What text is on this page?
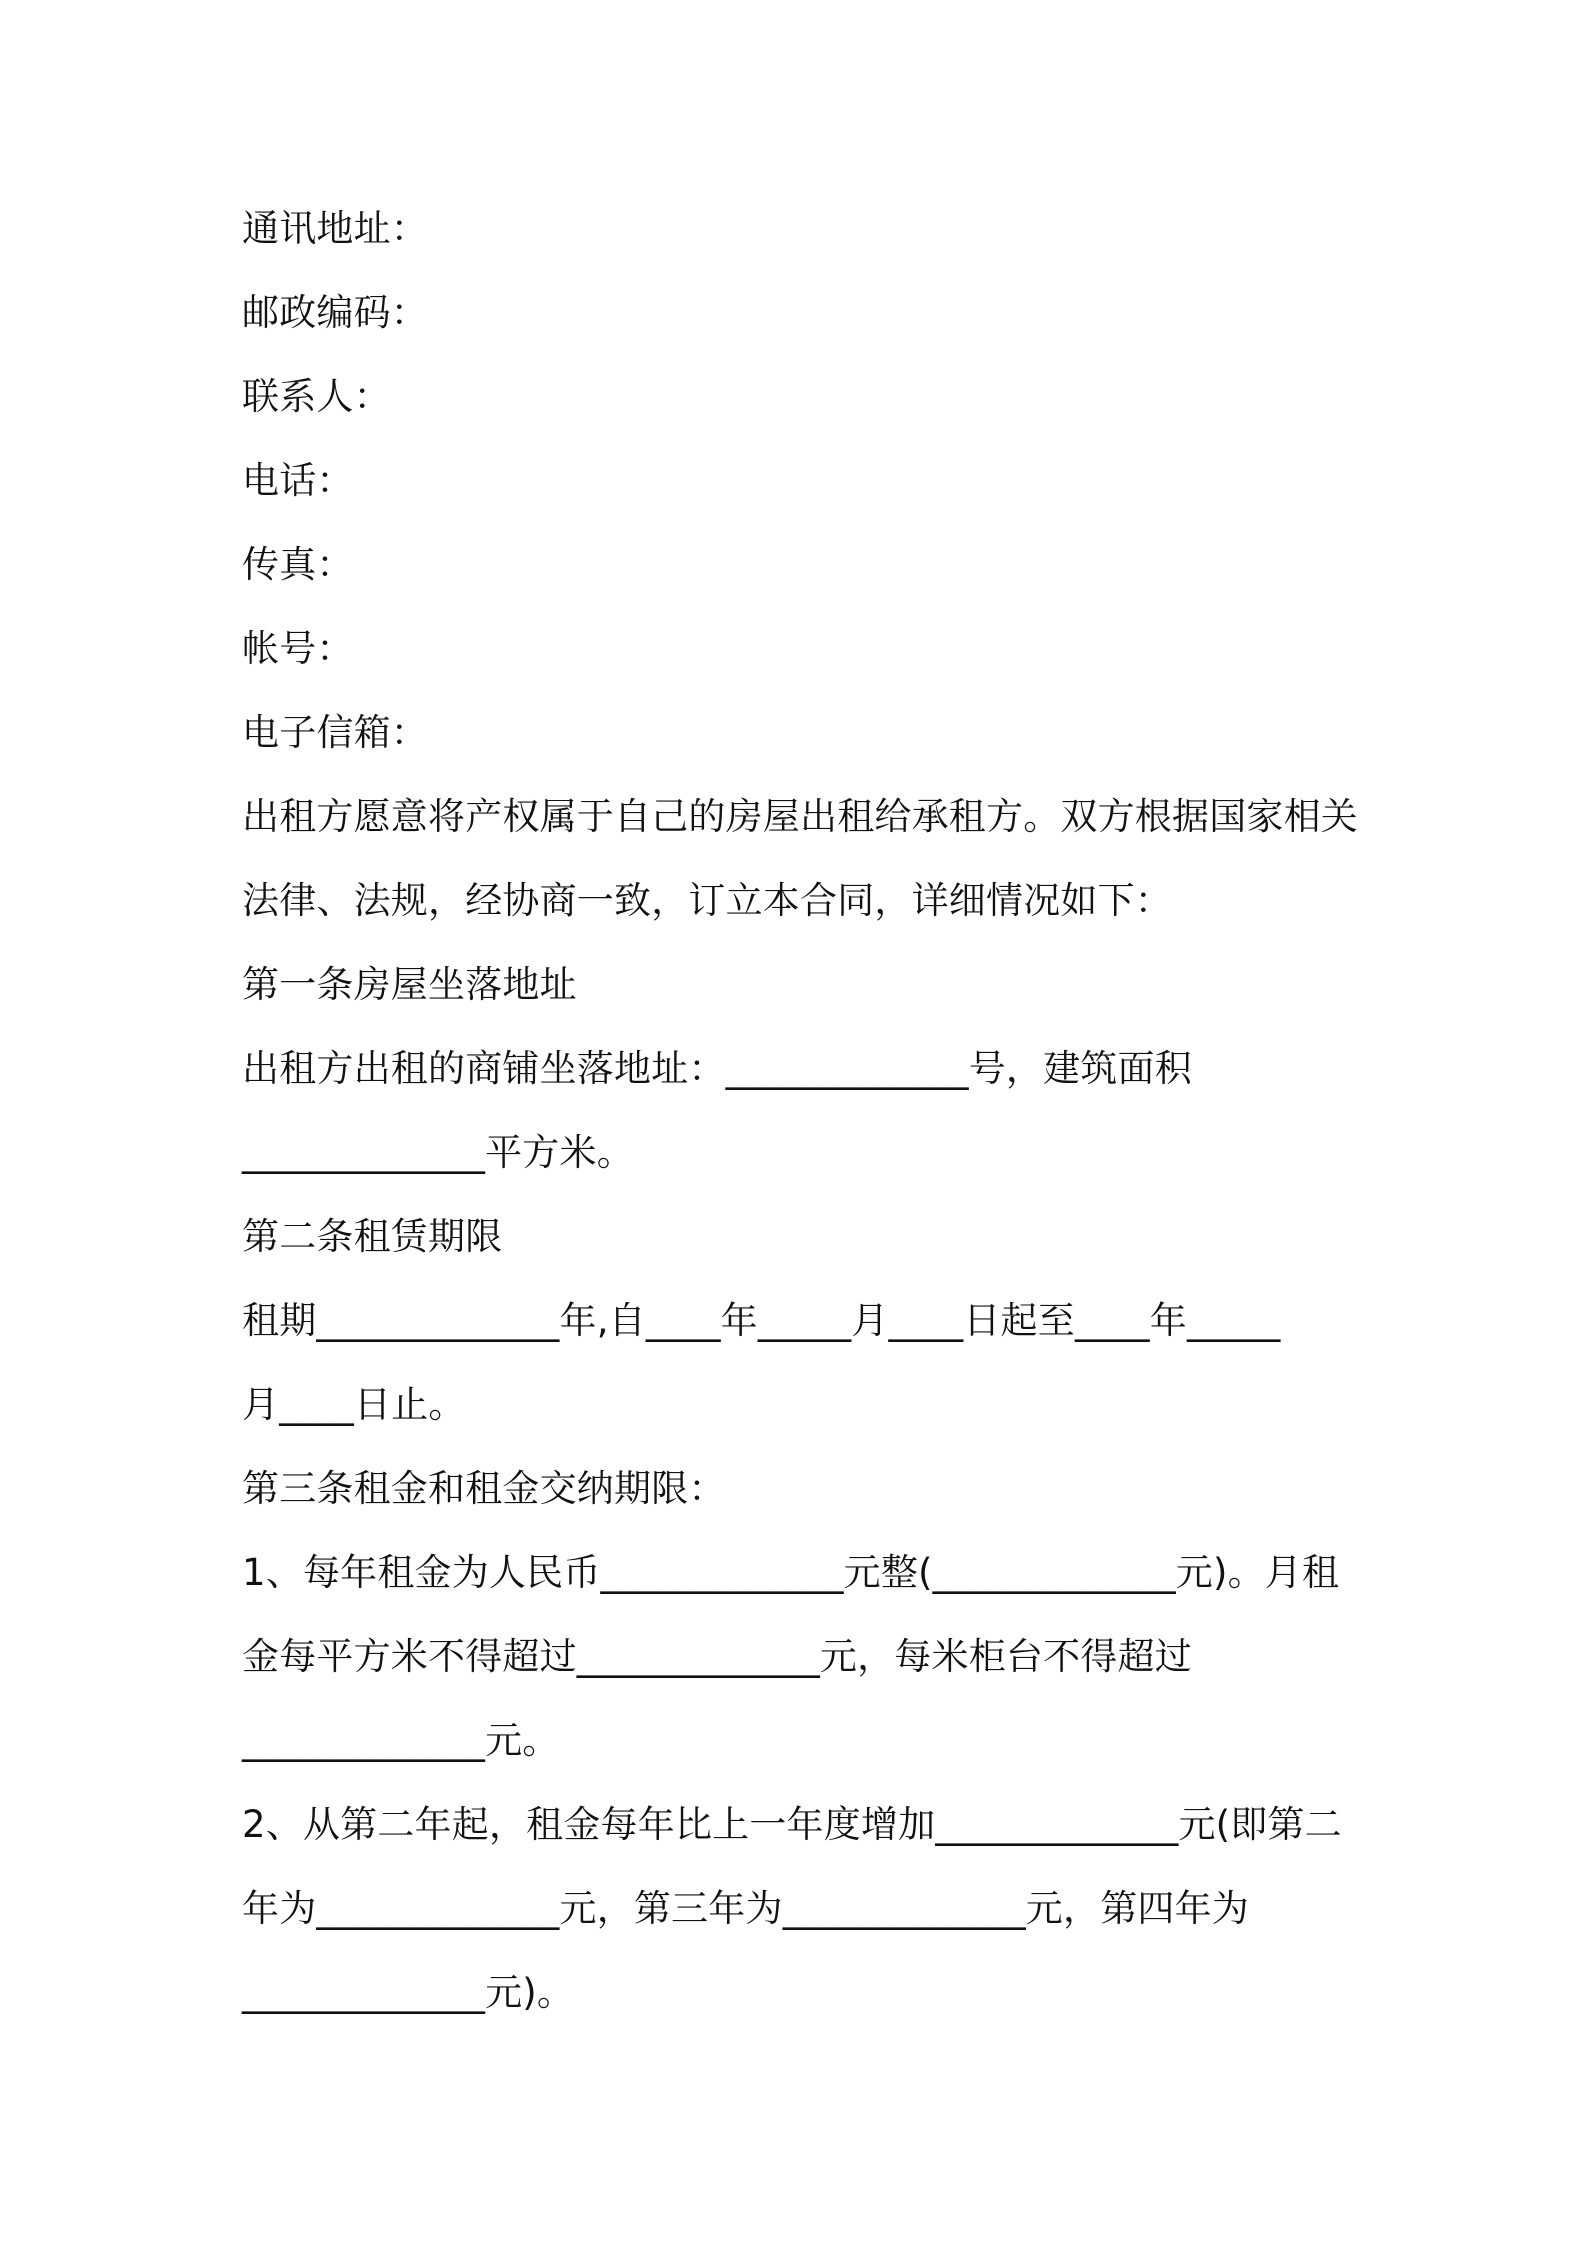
通讯地址：
邮政编码：
联系人：
电话：
传真：
帐号：
电子信箱：
出租方愿意将产权属于自己的房屋出租给承租方。双方根据国家相关
法律、法规，经协商一致，订立本合同，详细情况如下：
第一条房屋坐落地址
出租方出租的商铺坐落地址：_____________号，建筑面积
_____________平方米。
第二条租赁期限
租期_____________年,自____年_____月____日起至____年_____
月____日止。
第三条租金和租金交纳期限：
1、每年租金为人民币_____________元整(_____________元)。月租
金每平方米不得超过_____________元，每米柜台不得超过
_____________元。
2、从第二年起，租金每年比上一年度增加_____________元(即第二
年为_____________元，第三年为_____________元，第四年为
_____________元)。
